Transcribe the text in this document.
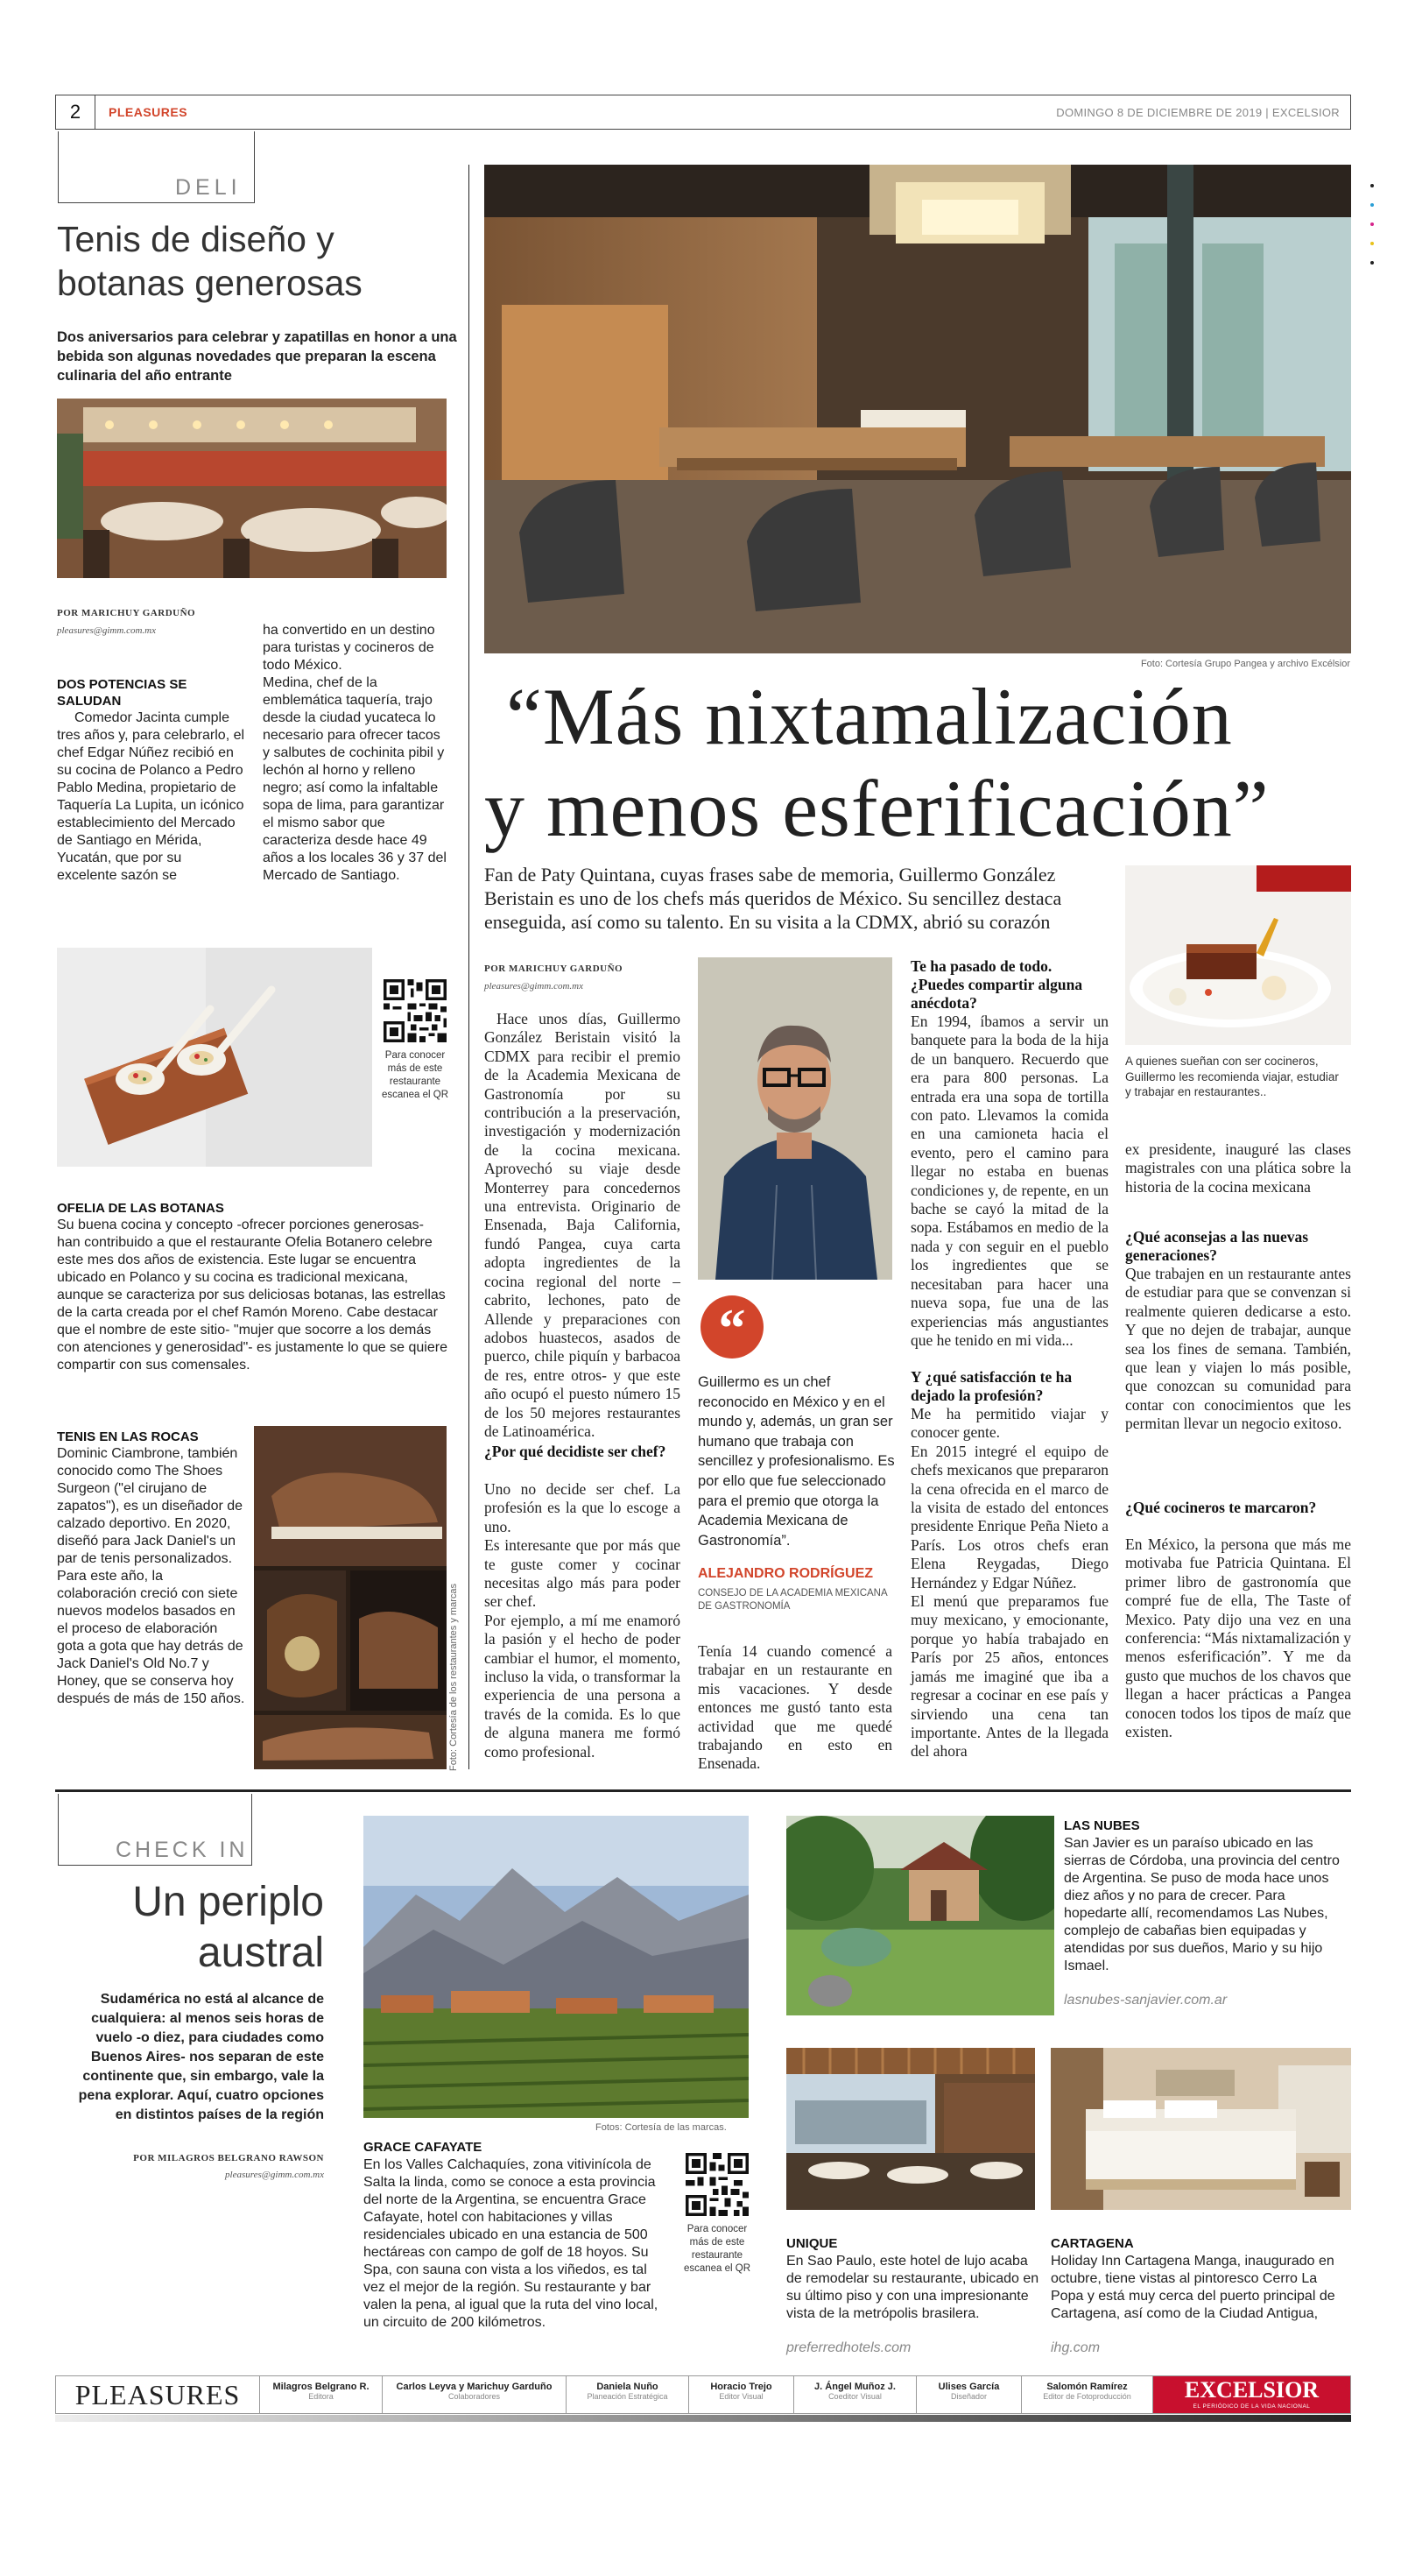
2	PLEASURES	DOMINGO 8 DE DICIEMBRE DE 2019 | EXCELSIOR
DELI
Tenis de diseño y botanas generosas
Dos aniversarios para celebrar y zapatillas en honor a una bebida son algunas novedades que preparan la escena culinaria del año entrante
POR MARICHUY GARDUÑO
pleasures@gimm.com.mx
DOS POTENCIAS SE SALUDAN
Comedor Jacinta cumple tres años y, para celebrarlo, el chef Edgar Núñez recibió en su cocina de Polanco a Pedro Pablo Medina, propietario de Taquería La Lupita, un icónico establecimiento del Mercado de Santiago en Mérida, Yucatán, que por su excelente sazón se
ha convertido en un destino para turistas y cocineros de todo México.
Medina, chef de la emblemática taquería, trajo desde la ciudad yucateca lo necesario para ofrecer tacos y salbutes de cochinita pibil y lechón al horno y relleno negro; así como la infaltable sopa de lima, para garantizar el mismo sabor que caracteriza desde hace 49 años a los locales 36 y 37 del Mercado de Santiago.
Para conocer más de este restaurante escanea el QR
OFELIA DE LAS BOTANAS
Su buena cocina y concepto -ofrecer porciones generosas- han contribuido a que el restaurante Ofelia Botanero celebre este mes dos años de existencia. Este lugar se encuentra ubicado en Polanco y su cocina es tradicional mexicana, aunque se caracteriza por sus deliciosas botanas, las estrellas de la carta creada por el chef Ramón Moreno. Cabe destacar que el nombre de este sitio- "mujer que socorre a los demás con atenciones y generosidad"- es justamente lo que se quiere compartir con sus comensales.
TENIS EN LAS ROCAS
Dominic Ciambrone, también conocido como The Shoes Surgeon ("el cirujano de zapatos"), es un diseñador de calzado deportivo. En 2020, diseñó para Jack Daniel's un par de tenis personalizados. Para este año, la colaboración creció con siete nuevos modelos basados en el proceso de elaboración gota a gota que hay detrás de Jack Daniel's Old No.7 y Honey, que se conserva hoy después de más de 150 años.	Foto: Cortesía de los restaurantes y marcas
Foto: Cortesía Grupo Pangea y archivo Excélsior
“Más nixtamalización
y menos esferificación”
Fan de Paty Quintana, cuyas frases sabe de memoria, Guillermo González Beristain es uno de los chefs más queridos de México. Su sencillez destaca enseguida, así como su talento. En su visita a la CDMX, abrió su corazón
A quienes sueñan con ser cocineros, Guillermo les recomienda viajar, estudiar y trabajar en restaurantes..
POR MARICHUY GARDUÑO
pleasures@gimm.com.mx
Hace unos días, Guillermo González Beristain visitó la CDMX para recibir el premio de la Academia Mexicana de Gastronomía por su contribución a la preservación, investigación y modernización de la cocina mexicana. Aprovechó su viaje desde Monterrey para concedernos una entrevista. Originario de Ensenada, Baja California, fundó Pangea, cuya carta adopta ingredientes de la cocina regional del norte –cabrito, lechones, pato de Allende y preparaciones con adobos huastecos, asados de puerco, chile piquín y barbacoa de res, entre otros- y que este año ocupó el puesto número 15 de los 50 mejores restaurantes de Latinoamérica.
¿Por qué decidiste ser chef?
Uno no decide ser chef. La profesión es la que lo escoge a uno.
Es interesante que por más que te guste comer y cocinar necesitas algo más para poder ser chef.
Por ejemplo, a mí me enamoró la pasión y el hecho de poder cambiar el humor, el momento, incluso la vida, o transformar la experiencia de una persona a través de la comida. Es lo que de alguna manera me formó como profesional.
“
Guillermo es un chef reconocido en México y en el mundo y, además, un gran ser humano que trabaja con sencillez y profesionalismo. Es por ello que fue seleccionado para el premio que otorga la Academia Mexicana de Gastronomía”.
ALEJANDRO RODRÍGUEZ
CONSEJO DE LA ACADEMIA MEXICANA DE GASTRONOMÍA
Tenía 14 cuando comencé a trabajar en un restaurante en mis vacaciones. Y desde entonces me gustó tanto esta actividad que me quedé trabajando en esto en Ensenada.
Te ha pasado de todo. ¿Puedes compartir alguna anécdota?
En 1994, íbamos a servir un banquete para la boda de la hija de un banquero. Recuerdo que era para 800 personas. La entrada era una sopa de tortilla con pato. Llevamos la comida en una camioneta hacia el evento, pero el camino para llegar no estaba en buenas condiciones y, de repente, en un bache se cayó la mitad de la sopa. Estábamos en medio de la nada y con seguir en el pueblo los ingredientes que se necesitaban para hacer una nueva sopa, fue una de las experiencias más angustiantes que he tenido en mi vida...
Y ¿qué satisfacción te ha dejado la profesión?
Me ha permitido viajar y conocer gente.
En 2015 integré el equipo de chefs mexicanos que prepararon la cena ofrecida en el marco de la visita de estado del entonces presidente Enrique Peña Nieto a París. Los otros chefs eran Elena Reygadas, Diego Hernández y Edgar Núñez.
El menú que preparamos fue muy mexicano, y emocionante, porque yo había trabajado en París por 25 años, entonces jamás me imaginé que iba a regresar a cocinar en ese país y sirviendo una cena tan importante. Antes de la llegada del ahora
ex presidente, inauguré las clases magistrales con una plática sobre la historia de la cocina mexicana
¿Qué aconsejas a las nuevas generaciones?
Que trabajen en un restaurante antes de estudiar para que se convenzan si realmente quieren dedicarse a esto. Y que no dejen de trabajar, aunque sea los fines de semana. También, que lean y viajen lo más posible, que conozcan su comunidad para contar con conocimientos que les permitan llevar un negocio exitoso.
¿Qué cocineros te marcaron?
En México, la persona que más me motivaba fue Patricia Quintana. El primer libro de gastronomía que compré fue de ella, The Taste of Mexico. Paty dijo una vez en una conferencia: “Más nixtamalización y menos esferificación”. Y me da gusto que muchos de los chavos que llegan a hacer prácticas a Pangea conocen todos los tipos de maíz que existen.
CHECK IN
Un periplo austral
Sudamérica no está al alcance de cualquiera: al menos seis horas de vuelo -o diez, para ciudades como Buenos Aires- nos separan de este continente que, sin embargo, vale la pena explorar. Aquí, cuatro opciones en distintos países de la región
POR MILAGROS BELGRANO RAWSON
pleasures@gimm.com.mx
Fotos: Cortesía de las marcas.
GRACE CAFAYATE
En los Valles Calchaquíes, zona vitivinícola de Salta la linda, como se conoce a esta provincia del norte de la Argentina, se encuentra Grace Cafayate, hotel con habitaciones y villas residenciales ubicado en una estancia de 500 hectáreas con campo de golf de 18 hoyos. Su Spa, con sauna con vista a los viñedos, es tal vez el mejor de la región. Su restaurante y bar valen la pena, al igual que la ruta del vino local, un circuito de 200 kilómetros.
Para conocer más de este restaurante escanea el QR
LAS NUBES
San Javier es un paraíso ubicado en las sierras de Córdoba, una provincia del centro de Argentina. Se puso de moda hace unos diez años y no para de crecer. Para hopedarte allí, recomendamos Las Nubes, complejo de cabañas bien equipadas y atendidas por sus dueños, Mario y su hijo Ismael.
lasnubes-sanjavier.com.ar
UNIQUE
En Sao Paulo, este hotel de lujo acaba de remodelar su restaurante, ubicado en su último piso y con una impresionante vista de la metrópolis brasilera.
preferredhotels.com
CARTAGENA
Holiday Inn Cartagena Manga, inaugurado en octubre, tiene vistas al pintoresco Cerro La Popa y está muy cerca del puerto principal de Cartagena, así como de la Ciudad Antigua,
ihg.com
PLEASURES	Milagros Belgrano R.
Editora
Carlos Leyva y Marichuy Garduño
Colaboradores
Daniela Nuño
Planeación Estratégica
Horacio Trejo
Editor Visual
J. Ángel Muñoz J.
Coeditor Visual
Ulises García
Diseñador
Salomón Ramírez
Editor de Fotoproducción	EXCELSIOR
EL PERIÓDICO DE LA VIDA NACIONAL
